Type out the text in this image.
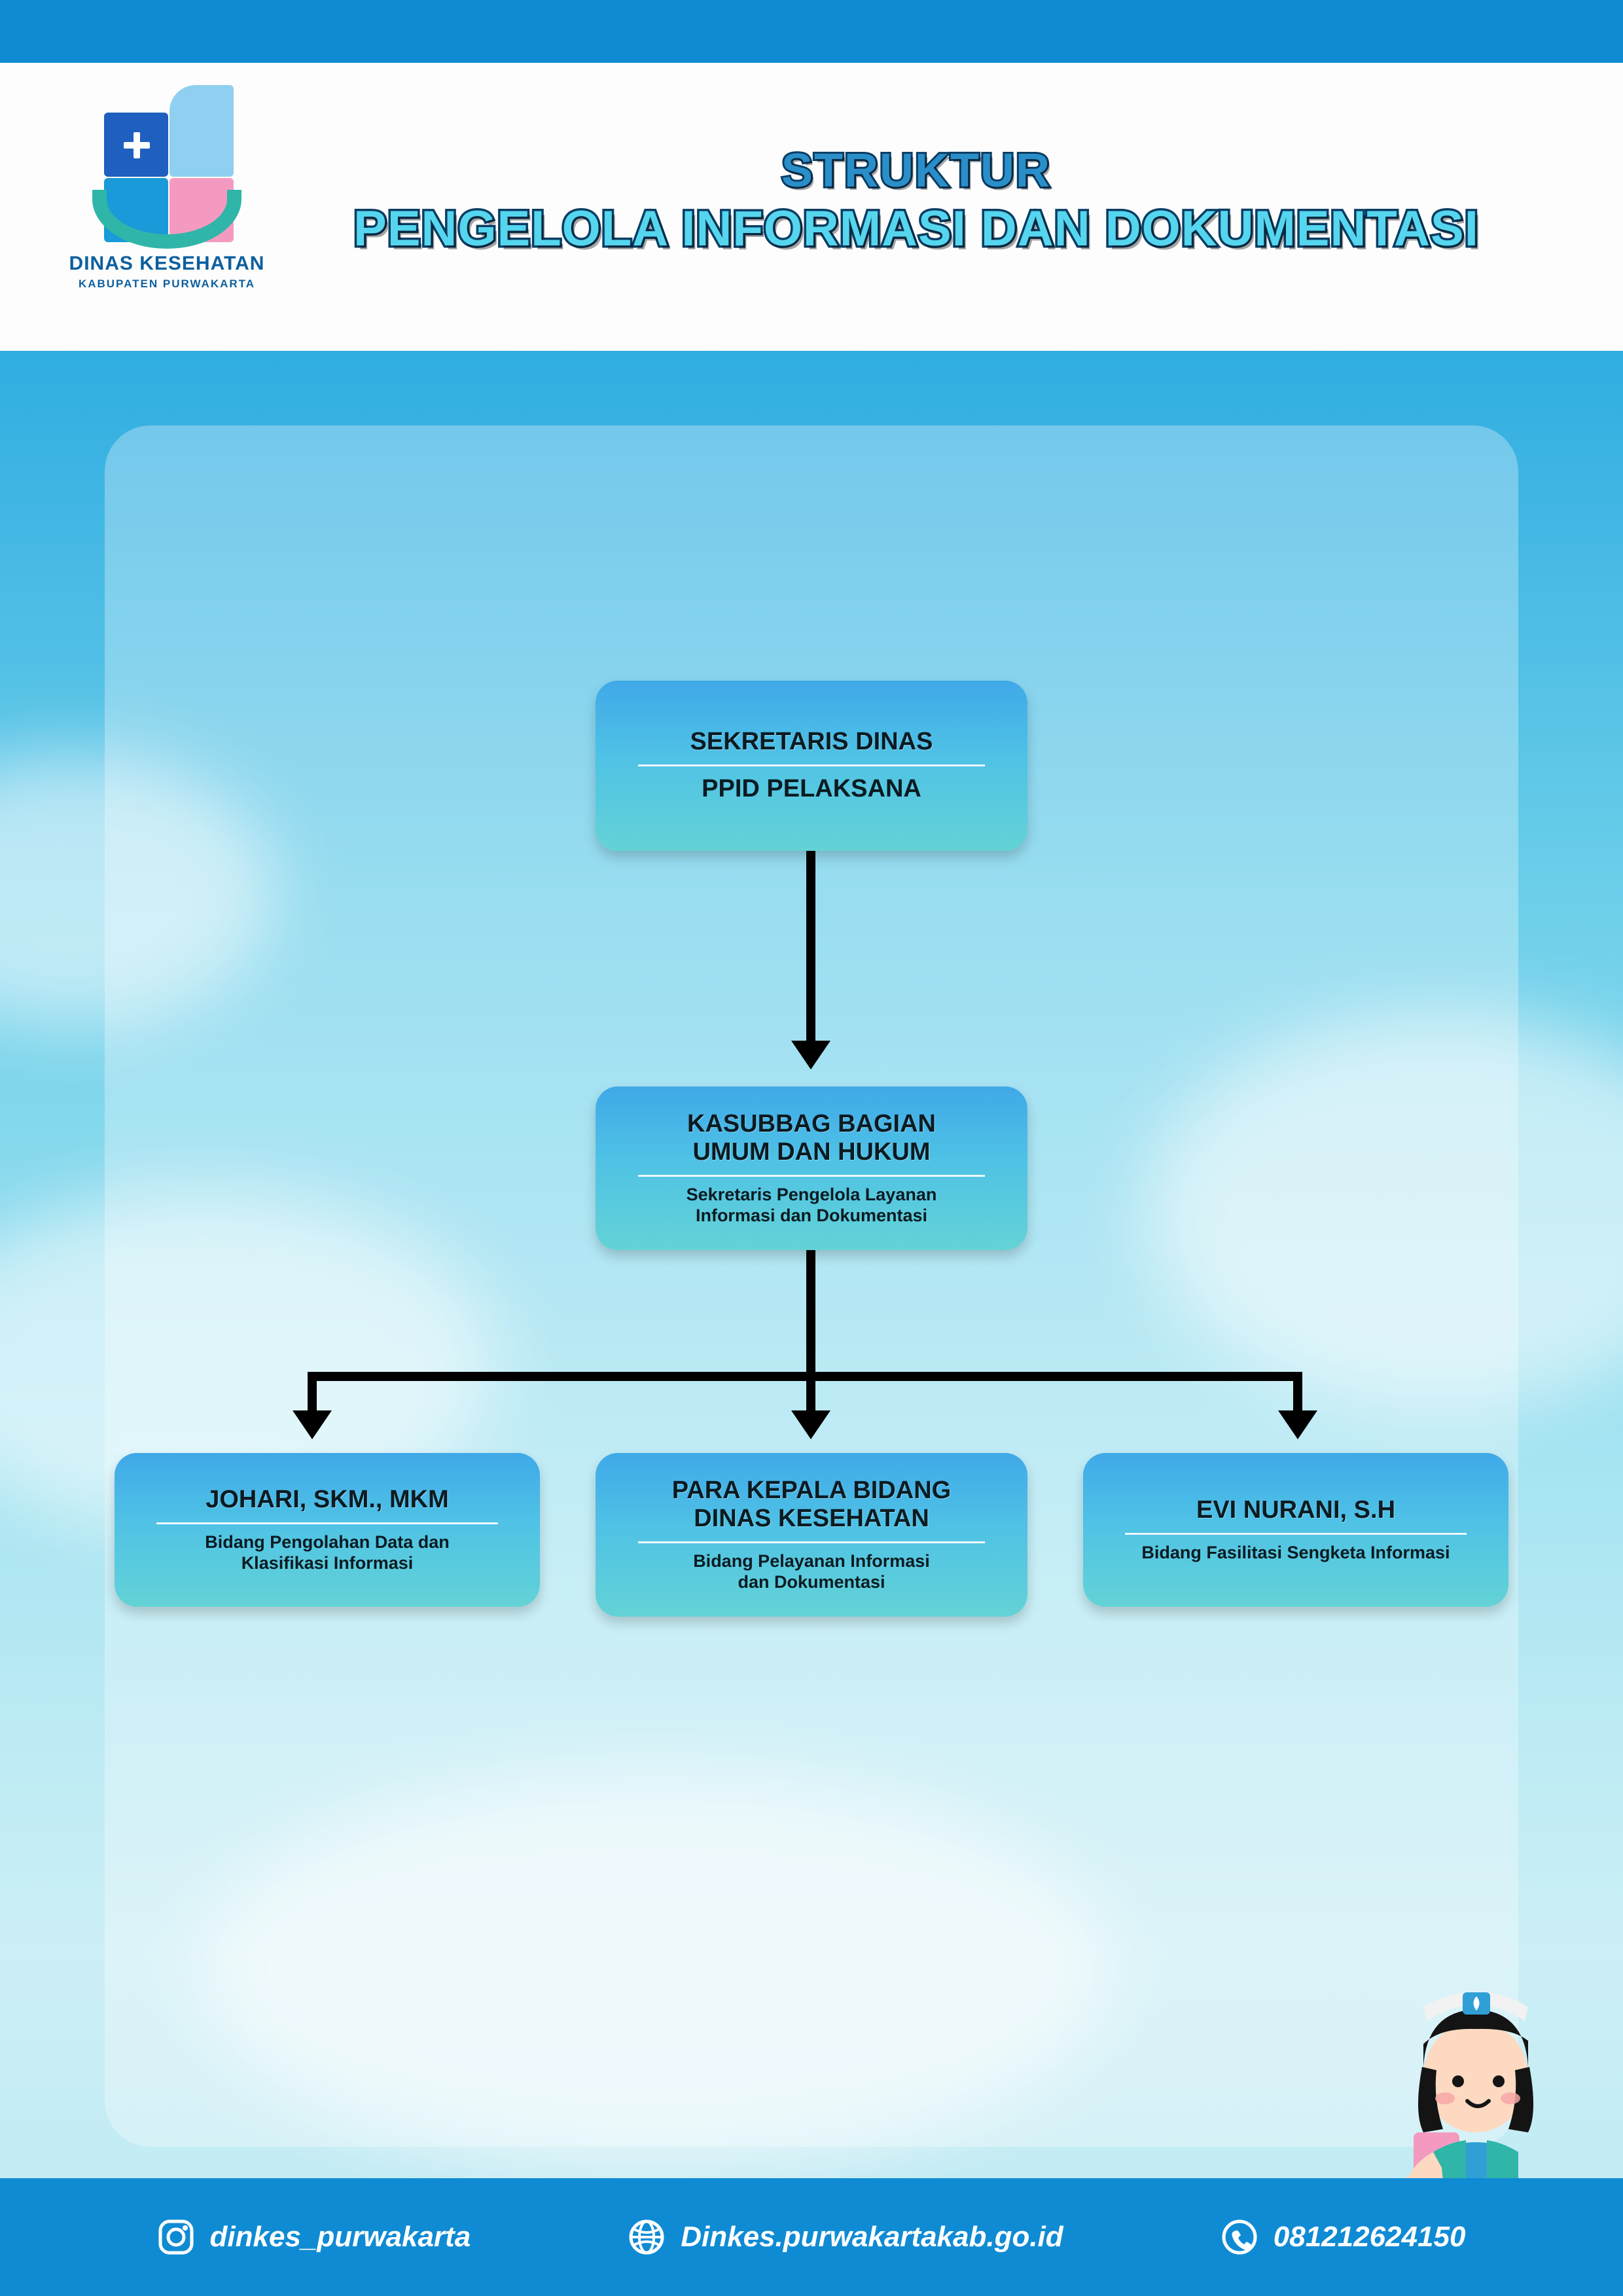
DINAS KESEHATAN
KABUPATEN PURWAKARTA
STRUKTUR
PENGELOLA INFORMASI DAN DOKUMENTASI
SEKRETARIS DINAS
PPID PELAKSANA
KASUBBAG BAGIAN
UMUM DAN HUKUM
Sekretaris Pengelola Layanan
Informasi dan Dokumentasi
JOHARI, SKM., MKM
Bidang Pengolahan Data dan
Klasifikasi Informasi
PARA KEPALA BIDANG
DINAS KESEHATAN
Bidang Pelayanan Informasi
dan Dokumentasi
EVI NURANI, S.H
Bidang Fasilitasi Sengketa Informasi
dinkes_purwakarta	Dinkes.purwakartakab.go.id	081212624150
